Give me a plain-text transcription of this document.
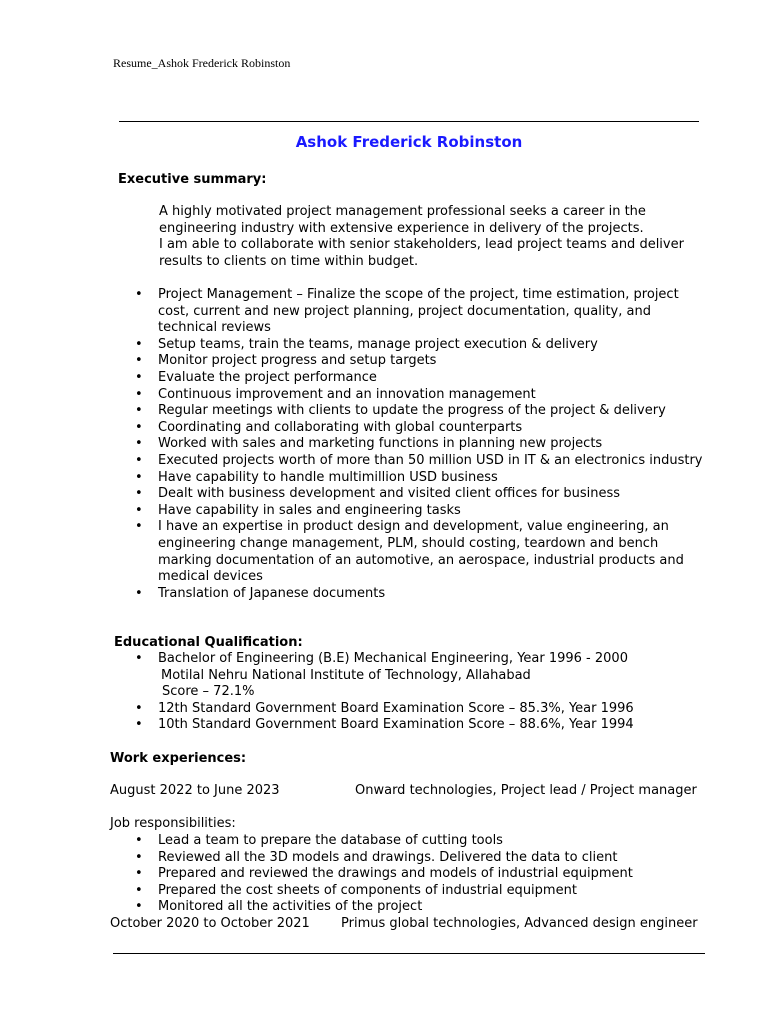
Resume_Ashok Frederick Robinston
Ashok Frederick Robinston
Executive summary:
A highly motivated project management professional seeks a career in the engineering industry with extensive experience in delivery of the projects.
I am able to collaborate with senior stakeholders, lead project teams and deliver results to clients on time within budget.
• Project Management – Finalize the scope of the project, time estimation, project cost, current and new project planning, project documentation, quality, and technical reviews
• Setup teams, train the teams, manage project execution & delivery
• Monitor project progress and setup targets
• Evaluate the project performance
• Continuous improvement and an innovation management
• Regular meetings with clients to update the progress of the project & delivery
• Coordinating and collaborating with global counterparts
• Worked with sales and marketing functions in planning new projects
• Executed projects worth of more than 50 million USD in IT & an electronics industry
• Have capability to handle multimillion USD business
• Dealt with business development and visited client offices for business
• Have capability in sales and engineering tasks
• I have an expertise in product design and development, value engineering, an engineering change management, PLM, should costing, teardown and bench marking documentation of an automotive, an aerospace, industrial products and medical devices
• Translation of Japanese documents
Educational Qualification:
• Bachelor of Engineering (B.E) Mechanical Engineering, Year 1996 - 2000
Motilal Nehru National Institute of Technology, Allahabad
Score – 72.1%
• 12th Standard Government Board Examination Score – 85.3%, Year 1996
• 10th Standard Government Board Examination Score – 88.6%, Year 1994
Work experiences:
August 2022 to June 2023	Onward technologies, Project lead / Project manager
Job responsibilities:
• Lead a team to prepare the database of cutting tools
• Reviewed all the 3D models and drawings. Delivered the data to client
• Prepared and reviewed the drawings and models of industrial equipment
• Prepared the cost sheets of components of industrial equipment
• Monitored all the activities of the project
October 2020 to October 2021 Primus global technologies, Advanced design engineer
